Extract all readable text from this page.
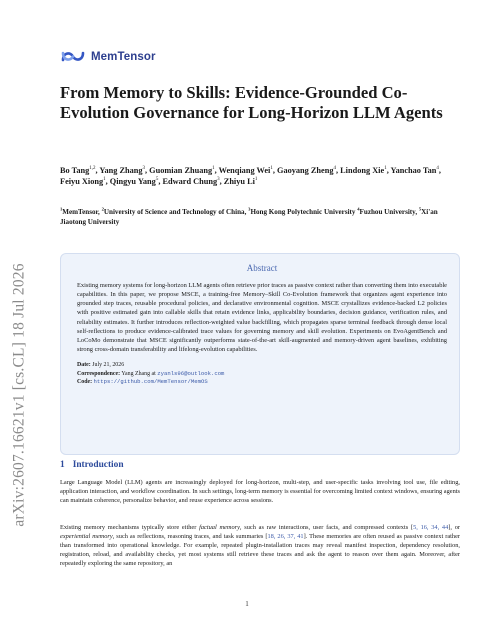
arXiv:2607.16621v1 [cs.CL] 18 Jul 2026
MemTensor
From Memory to Skills: Evidence-Grounded Co-Evolution Governance for Long-Horizon LLM Agents
Bo Tang$^{1,2}$, Yang Zhang$^3$, Guomian Zhuang$^1$, Wenqiang Wei$^1$, Gaoyang Zheng$^4$, Lindong Xie$^1$, Yanchao Tan$^4$, Feiyu Xiong$^1$, Qingyu Yang$^5$, Edward Chung$^3$, Zhiyu Li$^1$
$^1$MemTensor, $^2$University of Science and Technology of China, $^3$Hong Kong Polytechnic University $^4$Fuzhou University, $^5$Xi'an Jiaotong University
Abstract

Existing memory systems for long-horizon LLM agents often retrieve prior traces as passive context rather than converting them into executable capabilities. In this paper, we propose MSCE, a training-free Memory–Skill Co-Evolution framework that organizes agent experience into grounded step traces, reusable procedural policies, and declarative environmental cognition. MSCE crystallizes evidence-backed L2 policies with positive estimated gain into callable skills that retain evidence links, applicability boundaries, decision guidance, verification rules, and reliability estimates. It further introduces reflection-weighted value backfilling, which propagates sparse terminal feedback through dense local self-reflections to produce evidence-calibrated trace values for governing memory and skill evolution. Experiments on EvoAgentBench and LoCoMo demonstrate that MSCE significantly outperforms state-of-the-art skill-augmented and memory-driven agent baselines, exhibiting strong cross-domain transferability and lifelong-evolution capabilities.

Date: July 21, 2026
Correspondence: Yang Zhang at zyanls96@outlook.com
Code: https://github.com/MemTensor/MemOS
1 Introduction

Large Language Model (LLM) agents are increasingly deployed for long-horizon, multi-step, and user-specific tasks involving tool use, file editing, application interaction, and workflow coordination. In such settings, long-term memory is essential for overcoming limited context windows, ensuring agents can maintain coherence, personalize behavior, and reuse experience across sessions.

Existing memory mechanisms typically store either factual memory, such as raw interactions, user facts, and compressed contexts [5, 16, 34, 44], or experiential memory, such as reflections, reasoning traces, and task summaries [18, 26, 37, 41]. These memories are often reused as passive context rather than transformed into operational knowledge. For example, repeated plugin-installation traces may reveal manifest inspection, dependency resolution, registration, reload, and availability checks, yet most systems still retrieve these traces and ask the agent to reason over them again. Moreover, after repeatedly exploring the same repository, an

1
